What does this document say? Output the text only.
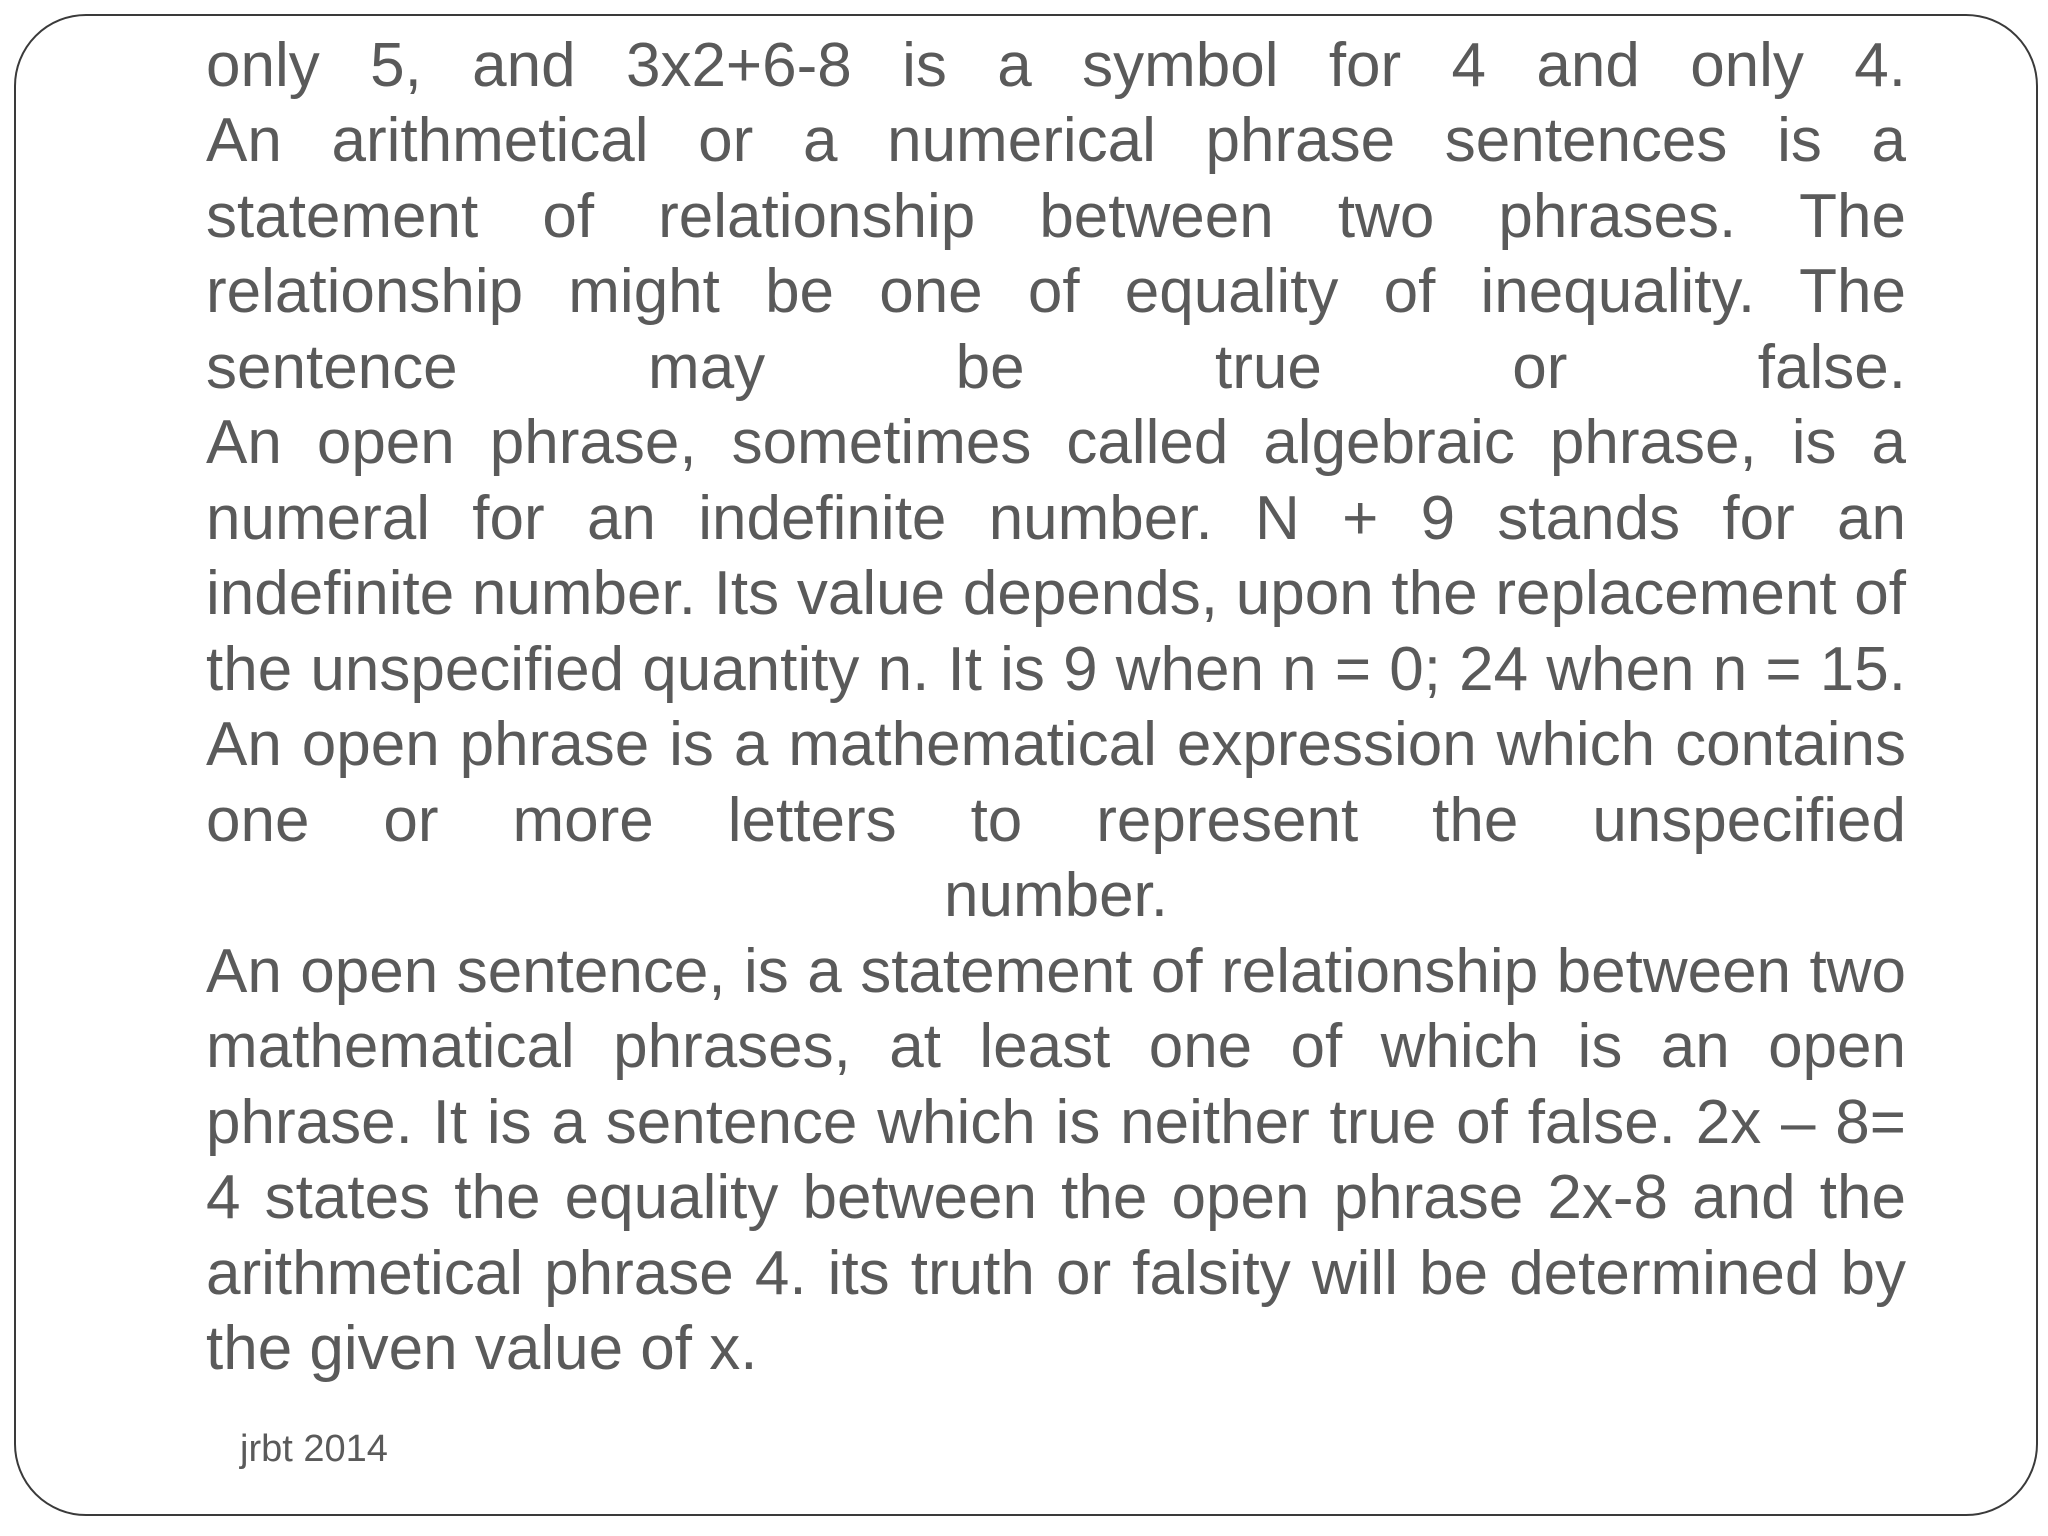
only 5, and 3x2+6-8 is a symbol for 4 and only 4.

An arithmetical or a numerical phrase sentences is a statement of relationship between two phrases. The relationship might be one of equality of inequality. The sentence may be true or false.

An open phrase, sometimes called algebraic phrase, is a numeral for an indefinite number. N + 9 stands for an indefinite number. Its value depends, upon the replacement of the unspecified quantity n. It is 9 when n = 0; 24 when n = 15. An open phrase is a mathematical expression which contains one or more letters to represent the unspecified

number.

An open sentence, is a statement of relationship between two mathematical phrases, at least one of which is an open phrase. It is a sentence which is neither true of false. 2x – 8= 4 states the equality between the open phrase 2x-8 and the arithmetical phrase 4. its truth or falsity will be determined by the given value of x.

jrbt 2014
